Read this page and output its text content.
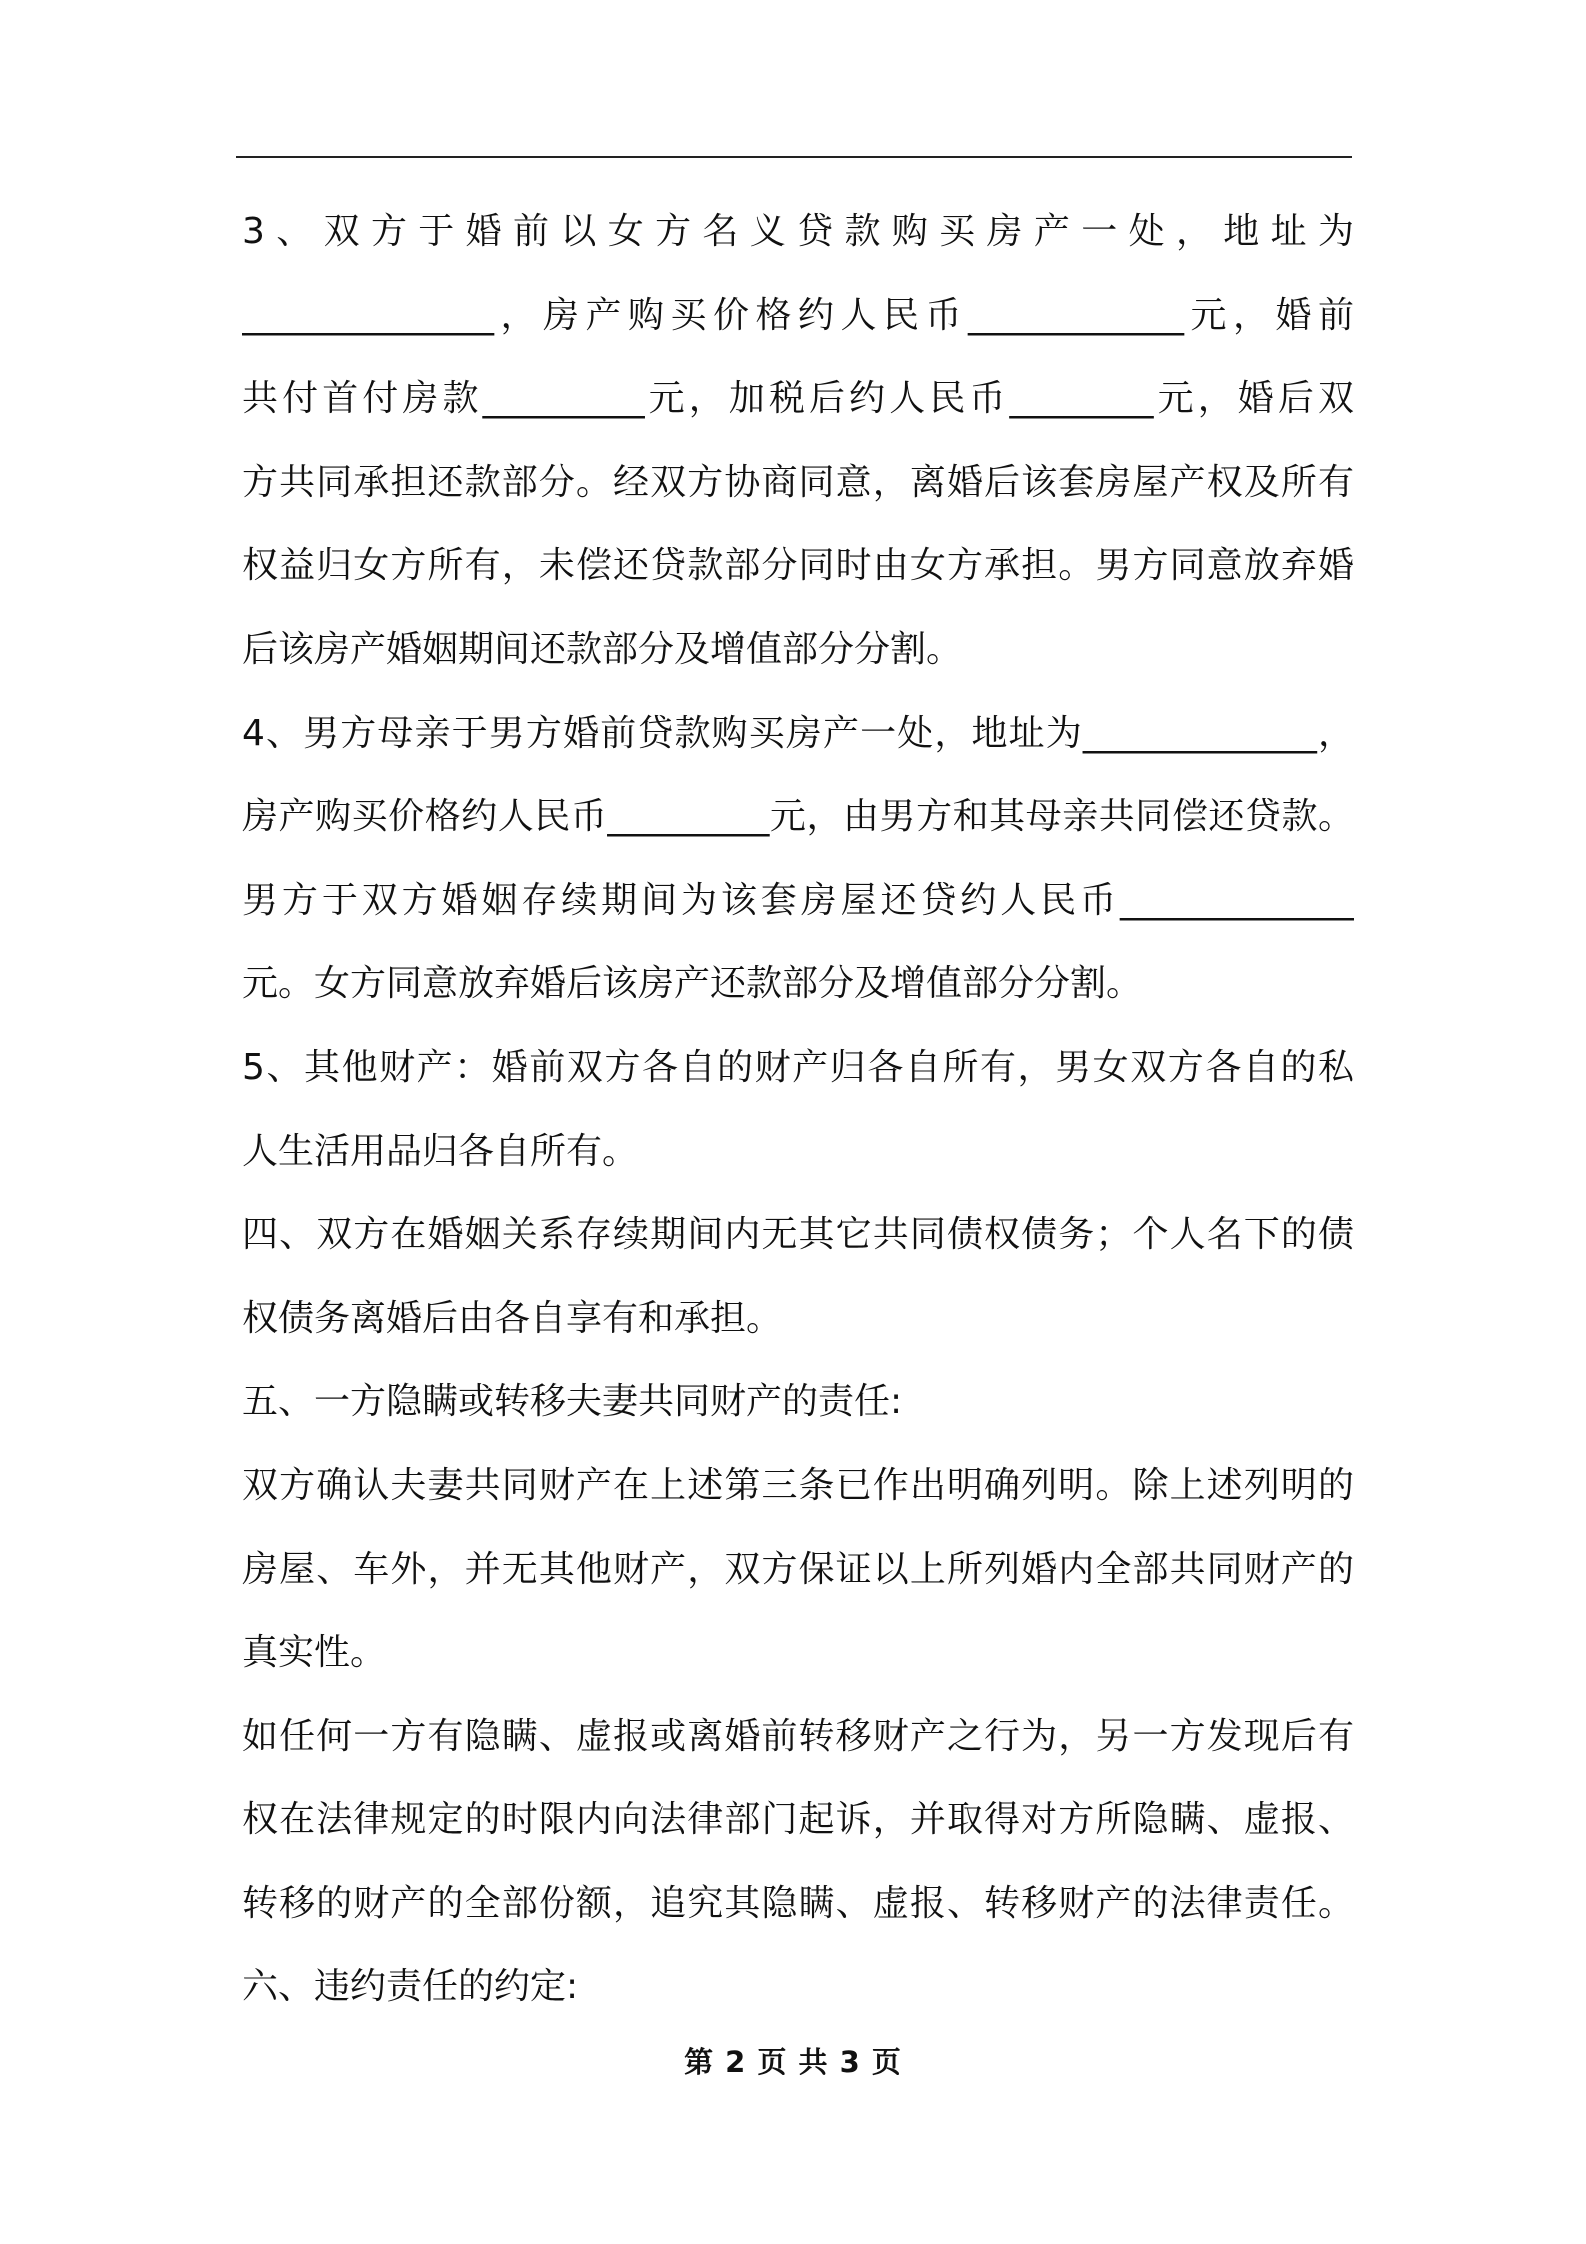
3、双方于婚前以女方名义贷款购买房产一处，地址为
______________，房产购买价格约人民币____________元，婚前
共付首付房款_________元，加税后约人民币________元，婚后双
方共同承担还款部分。经双方协商同意，离婚后该套房屋产权及所有
权益归女方所有，未偿还贷款部分同时由女方承担。男方同意放弃婚
后该房产婚姻期间还款部分及增值部分分割。
4、男方母亲于男方婚前贷款购买房产一处，地址为_____________，
房产购买价格约人民币_________元，由男方和其母亲共同偿还贷款。
男方于双方婚姻存续期间为该套房屋还贷约人民币_____________
元。女方同意放弃婚后该房产还款部分及增值部分分割。
5、其他财产：婚前双方各自的财产归各自所有，男女双方各自的私
人生活用品归各自所有。
四、双方在婚姻关系存续期间内无其它共同债权债务；个人名下的债
权债务离婚后由各自享有和承担。
五、一方隐瞒或转移夫妻共同财产的责任:
双方确认夫妻共同财产在上述第三条已作出明确列明。除上述列明的
房屋、车外，并无其他财产，双方保证以上所列婚内全部共同财产的
真实性。
如任何一方有隐瞒、虚报或离婚前转移财产之行为，另一方发现后有
权在法律规定的时限内向法律部门起诉，并取得对方所隐瞒、虚报、
转移的财产的全部份额，追究其隐瞒、虚报、转移财产的法律责任。
六、违约责任的约定:
第 2 页 共 3 页
